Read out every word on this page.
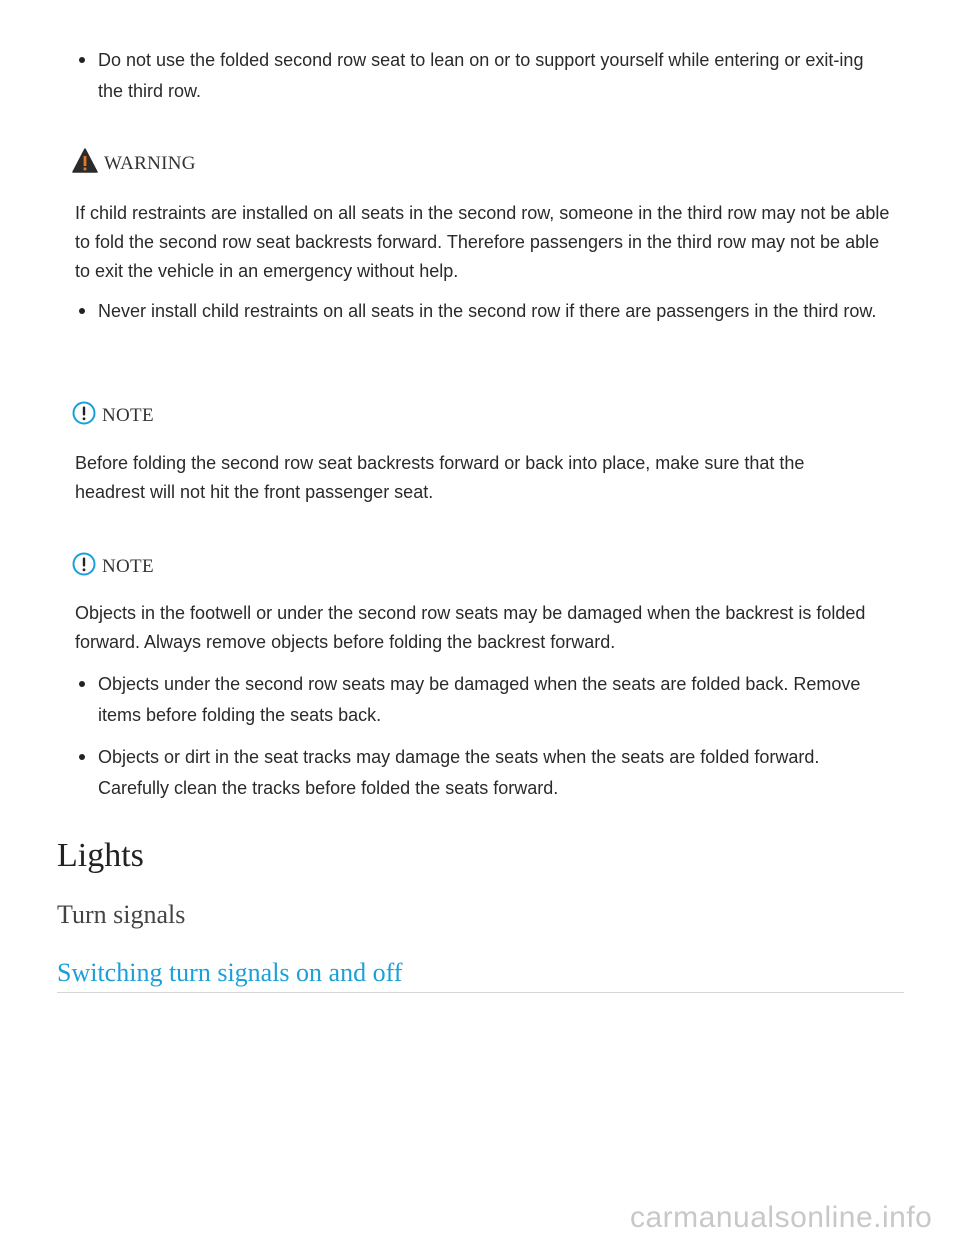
Do not use the folded second row seat to lean on or to support yourself while entering or exit-ing the third row.
WARNING

If child restraints are installed on all seats in the second row, someone in the third row may not be able to fold the second row seat backrests forward. Therefore passengers in the third row may not be able to exit the vehicle in an emergency without help.

Never install child restraints on all seats in the second row if there are passengers in the third row.
NOTE

Before folding the second row seat backrests forward or back into place, make sure that the headrest will not hit the front passenger seat.

NOTE

Objects in the footwell or under the second row seats may be damaged when the backrest is folded forward. Always remove objects before folding the backrest forward.

Objects under the second row seats may be damaged when the seats are folded back. Remove items before folding the seats back.
Objects or dirt in the seat tracks may damage the seats when the seats are folded forward. Carefully clean the tracks before folded the seats forward.
Lights
Turn signals
Switching turn signals on and off
carmanualsonline.info
